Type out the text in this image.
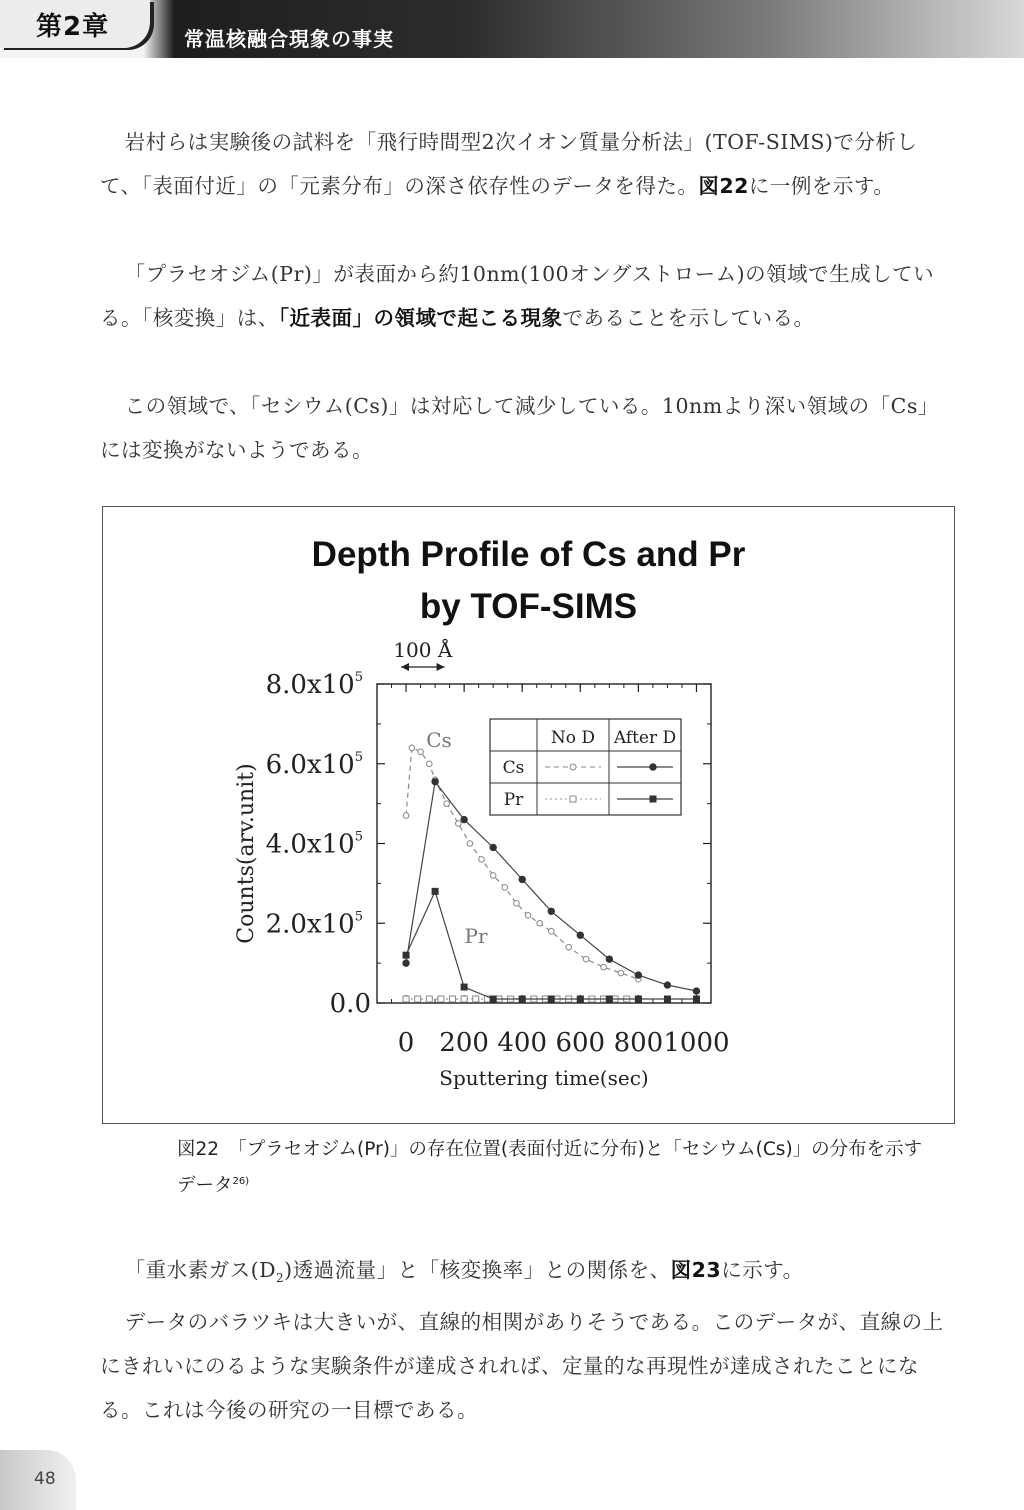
第2章	常温核融合現象の事実

岩村らは実験後の試料を「飛行時間型2次イオン質量分析法」(TOF-SIMS)で分析して、「表面付近」の「元素分布」の深さ依存性のデータを得た。図22に一例を示す。

「プラセオジム(Pr)」が表面から約10nm(100オングストローム)の領域で生成している。「核変換」は、「近表面」の領域で起こる現象であることを示している。

この領域で、「セシウム(Cs)」は対応して減少している。10nmより深い領域の「Cs」には変換がないようである。

Depth Profile of Cs and Pr
by TOF-SIMS
0 200 400 600 800 1000
0.0
$2.0x10^5$
$4.0x10^5$
$6.0x10^5$
$8.0x10^5$
Sputtering time(sec)
Counts(arv.unit)
100 Å
Cs
Pr
No D After D
Cs
Pr
図22　「プラセオジム(Pr)」の存在位置(表面付近に分布)と「セシウム(Cs)」の分布を示すデータ$^{26)}$

「重水素ガス$(D_2)$透過流量」と「核変換率」との関係を、図23に示す。

データのバラツキは大きいが、直線的相関がありそうである。このデータが、直線の上にきれいにのるような実験条件が達成されれば、定量的な再現性が達成されたことになる。これは今後の研究の一目標である。

48
